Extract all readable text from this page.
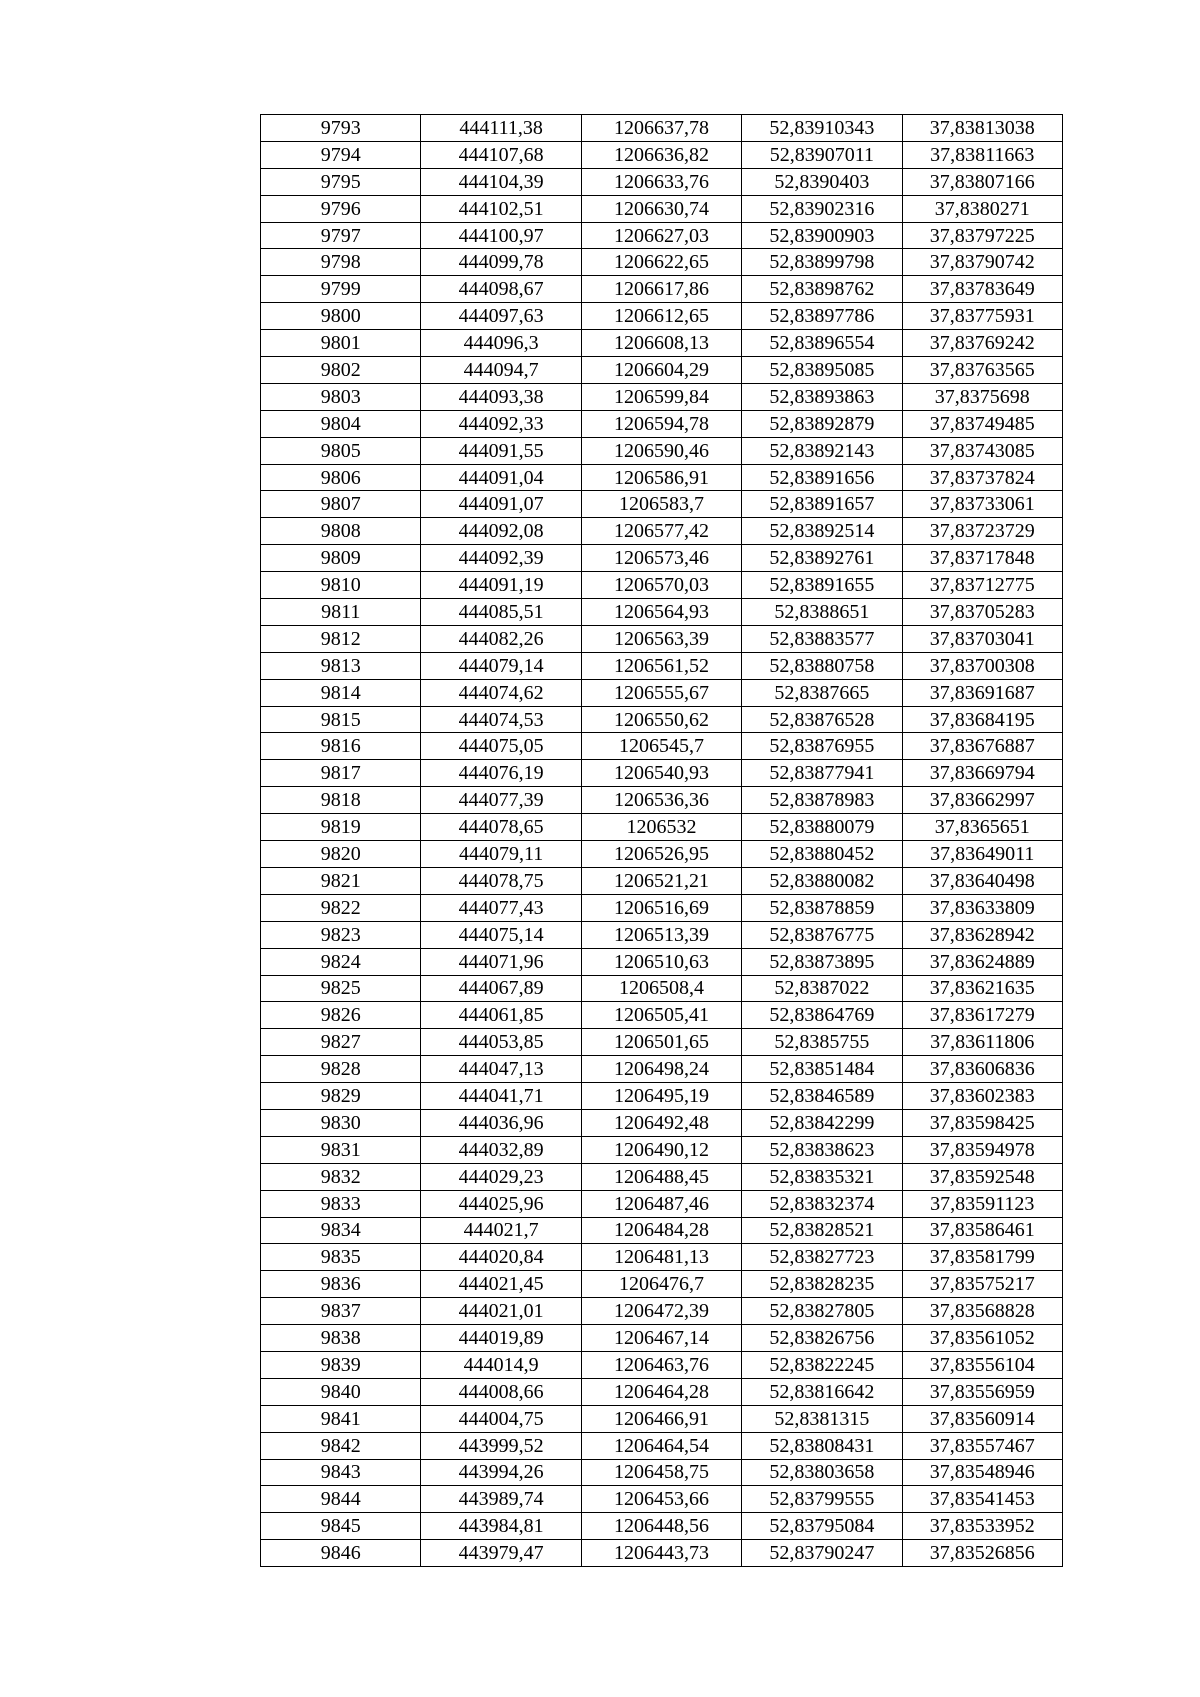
9793	444111,38	1206637,78	52,83910343	37,83813038
9794	444107,68	1206636,82	52,83907011	37,83811663
9795	444104,39	1206633,76	52,8390403	37,83807166
9796	444102,51	1206630,74	52,83902316	37,8380271
9797	444100,97	1206627,03	52,83900903	37,83797225
9798	444099,78	1206622,65	52,83899798	37,83790742
9799	444098,67	1206617,86	52,83898762	37,83783649
9800	444097,63	1206612,65	52,83897786	37,83775931
9801	444096,3	1206608,13	52,83896554	37,83769242
9802	444094,7	1206604,29	52,83895085	37,83763565
9803	444093,38	1206599,84	52,83893863	37,8375698
9804	444092,33	1206594,78	52,83892879	37,83749485
9805	444091,55	1206590,46	52,83892143	37,83743085
9806	444091,04	1206586,91	52,83891656	37,83737824
9807	444091,07	1206583,7	52,83891657	37,83733061
9808	444092,08	1206577,42	52,83892514	37,83723729
9809	444092,39	1206573,46	52,83892761	37,83717848
9810	444091,19	1206570,03	52,83891655	37,83712775
9811	444085,51	1206564,93	52,8388651	37,83705283
9812	444082,26	1206563,39	52,83883577	37,83703041
9813	444079,14	1206561,52	52,83880758	37,83700308
9814	444074,62	1206555,67	52,8387665	37,83691687
9815	444074,53	1206550,62	52,83876528	37,83684195
9816	444075,05	1206545,7	52,83876955	37,83676887
9817	444076,19	1206540,93	52,83877941	37,83669794
9818	444077,39	1206536,36	52,83878983	37,83662997
9819	444078,65	1206532	52,83880079	37,8365651
9820	444079,11	1206526,95	52,83880452	37,83649011
9821	444078,75	1206521,21	52,83880082	37,83640498
9822	444077,43	1206516,69	52,83878859	37,83633809
9823	444075,14	1206513,39	52,83876775	37,83628942
9824	444071,96	1206510,63	52,83873895	37,83624889
9825	444067,89	1206508,4	52,8387022	37,83621635
9826	444061,85	1206505,41	52,83864769	37,83617279
9827	444053,85	1206501,65	52,8385755	37,83611806
9828	444047,13	1206498,24	52,83851484	37,83606836
9829	444041,71	1206495,19	52,83846589	37,83602383
9830	444036,96	1206492,48	52,83842299	37,83598425
9831	444032,89	1206490,12	52,83838623	37,83594978
9832	444029,23	1206488,45	52,83835321	37,83592548
9833	444025,96	1206487,46	52,83832374	37,83591123
9834	444021,7	1206484,28	52,83828521	37,83586461
9835	444020,84	1206481,13	52,83827723	37,83581799
9836	444021,45	1206476,7	52,83828235	37,83575217
9837	444021,01	1206472,39	52,83827805	37,83568828
9838	444019,89	1206467,14	52,83826756	37,83561052
9839	444014,9	1206463,76	52,83822245	37,83556104
9840	444008,66	1206464,28	52,83816642	37,83556959
9841	444004,75	1206466,91	52,8381315	37,83560914
9842	443999,52	1206464,54	52,83808431	37,83557467
9843	443994,26	1206458,75	52,83803658	37,83548946
9844	443989,74	1206453,66	52,83799555	37,83541453
9845	443984,81	1206448,56	52,83795084	37,83533952
9846	443979,47	1206443,73	52,83790247	37,83526856
